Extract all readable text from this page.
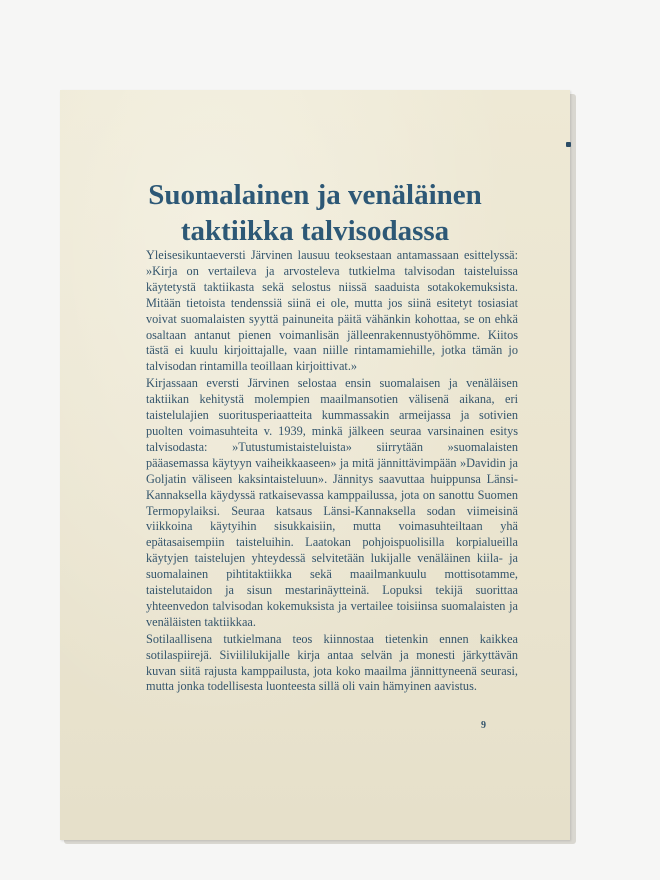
Suomalainen ja venäläinen
taktiikka talvisodassa

Yleisesikuntaeversti Järvinen lausuu teoksestaan antamassaan esittelyssä: »Kirja on vertaileva ja arvosteleva tutkielma talvisodan taisteluissa käytetystä taktiikasta sekä selostus niissä saaduista sotakokemuksista. Mitään tietoista tendenssiä siinä ei ole, mutta jos siinä esitetyt tosiasiat voivat suomalaisten syyttä painuneita päitä vähänkin kohottaa, se on ehkä osaltaan antanut pienen voimanlisän jälleenrakennustyöhömme. Kiitos tästä ei kuulu kirjoittajalle, vaan niille rintamamiehille, jotka tämän jo talvisodan rintamilla teoillaan kirjoittivat.»

Kirjassaan eversti Järvinen selostaa ensin suomalaisen ja venäläisen taktiikan kehitystä molempien maailmansotien välisenä aikana, eri taistelulajien suoritusperiaatteita kummassakin armeijassa ja sotivien puolten voimasuhteita v. 1939, minkä jälkeen seuraa varsinainen esitys talvisodasta: »Tutustumistaisteluista» siirrytään »suomalaisten pääasemassa käytyyn vaiheikkaaseen» ja mitä jännittävimpään »Davidin ja Goljatin väliseen kaksintaisteluun». Jännitys saavuttaa huippunsa Länsi-Kannaksella käydyssä ratkaisevassa kamppailussa, jota on sanottu Suomen Termopylaiksi. Seuraa katsaus Länsi-Kannaksella sodan viimeisinä viikkoina käytyihin sisukkaisiin, mutta voimasuhteiltaan yhä epätasaisempiin taisteluihin. Laatokan pohjoispuolisilla korpialueilla käytyjen taistelujen yhteydessä selvitetään lukijalle venäläinen kiila- ja suomalainen pihtitaktiikka sekä maailmankuulu mottisotamme, taistelutaidon ja sisun mestarinäytteinä. Lopuksi tekijä suorittaa yhteenvedon talvisodan kokemuksista ja vertailee toisiinsa suomalaisten ja venäläisten taktiikkaa.

Sotilaallisena tutkielmana teos kiinnostaa tietenkin ennen kaikkea sotilaspiirejä. Siviililukijalle kirja antaa selvän ja monesti järkyttävän kuvan siitä rajusta kamppailusta, jota koko maailma jännittyneenä seurasi, mutta jonka todellisesta luonteesta sillä oli vain hämyinen aavistus.

9
